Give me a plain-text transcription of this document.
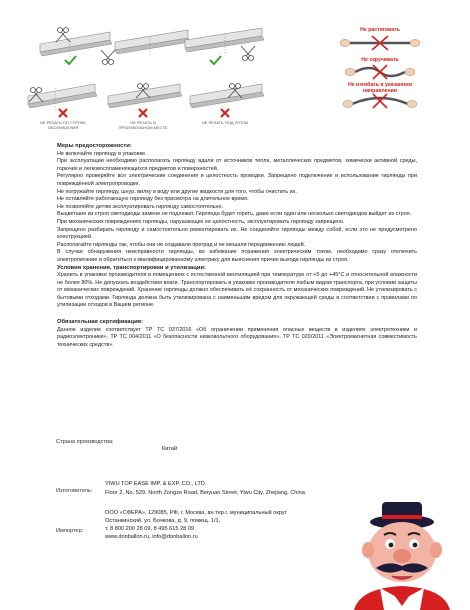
НЕ РЕЗАТЬ ПО СТРОКЕ ОБОЗНАЧЕНИЯ
НЕ РЕЗАТЬ В ПРОИЗВОЛЬНОМ МЕСТЕ
НЕ РЕЗАТЬ ПОД УГЛОМ
Не растягивать
Не скручивать
Не изгибать в указанном направлении
Меры предосторожности:

Не включайте гирлянду в упаковке.

При эксплуатации необходимо располагать гирлянду вдали от источников тепла, металлических предметов, химически активной среды, горючих и легковоспламеняющихся предметов и поверхностей.

Регулярно проверяйте все электрические соединения и целостность проводки. Запрещено подключение и использование гирлянды при повреждённой электропроводке.

Не погружайте гирлянду, шнур, вилку в воду или другие жидкости для того, чтобы очистить их.

Не оставляйте работающую гирлянду без присмотра на длительное время.

Не позволяйте детям эксплуатировать гирлянду самостоятельно.

Выцветшие из строя светодиоды замене не подлежат. Гирлянда будет гореть, даже если один или несколько светодиодов выйдет из строя.

При механических повреждениях гирлянды, нарушающих ее целостность, эксплуатировать гирлянду запрещено.

Запрещено разбирать гирлянду и самостоятельно ремонтировать их. Не соединяйте гирлянды между собой, если это не предусмотрено конструкцией.

Располагайте гирлянды так, чтобы они не создавали преград и не мешали передвижению людей.

В случае обнаружения неисправности гирлянды, во избежание поражения электрическим током, необходимо сразу отключить электропитание и обратиться к квалифицированному электрику для выяснения причин выхода гирлянды из строя.

Условия хранения, транспортировки и утилизации:

Хранить в упаковке производителя в помещениях с естественной вентиляцией при температуре от +5 до +45°С и относительной влажности не более 80%. Не допускать воздействия влаги. Транспортировать в упаковке производителя любым видом транспорта, при условии защиты от механических повреждений. Хранение гирлянды должно обеспечивать её сохранность от механических повреждений. Не утилизировать с бытовыми отходами. Гирлянда должна быть утилизирована с наименьшим вредом для окружающей среды в соответствии с правилами по утилизации отходов в Вашем регионе.

Обязательная сертификация:

Данное изделие соответствует ТР ТС 037/2016 «Об ограничении применения опасных веществ в изделиях электротехники и радиоэлектроники», ТР ТС 004/2011 «О безопасности низковольтного оборудования», ТР ТС 020/2011 «Электромагнитная совместимость технических средств».

Страна производства:
Китай
Изготовитель:
YIWU TOP EASE IMP. & EXP. CO., LTD.
Floor 2, No. 529, North Zongze Road, Beiyuan Street, Yiwu City, Zhejiang, China
Импортер:
ООО «СФЕРА», 129085, РФ, г. Москва, вн.тер.г. муниципальный округ
Останкинский, ул. Бочкова, д. 9, помещ. 1/1,
т. 8 800 200 28 09, 8 495 615 28 09
www.donballon.ru, info@donballon.ru
